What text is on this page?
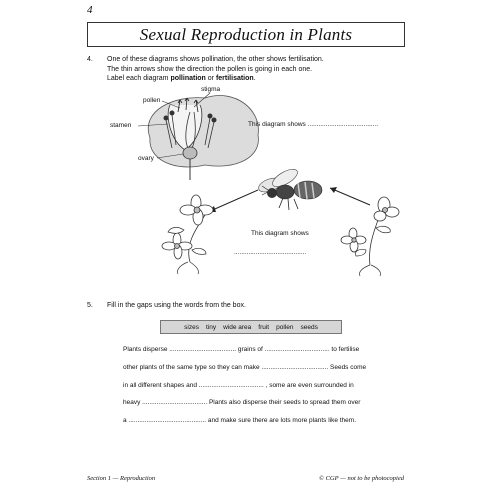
4
Sexual Reproduction in Plants
4. One of these diagrams shows pollination, the other shows fertilisation.
The thin arrows show the direction the pollen is going in each one.
Label each diagram pollination or fertilisation.
stigma
pollen
stamen
ovary
This diagram shows .......................................
This diagram shows
........................................
5. Fill in the gaps using the words from the box.
sizes tiny wide area fruit pollen seeds
Plants disperse ..................................... grains of .................................... to fertilise
other plants of the same type so they can make ..................................... Seeds come
in all different shapes and .................................... , some are even surrounded in
heavy .................................... Plants also disperse their seeds to spread them over
a ........................................... and make sure there are lots more plants like them.
Section 1 — Reproduction	© CGP — not to be photocopied
